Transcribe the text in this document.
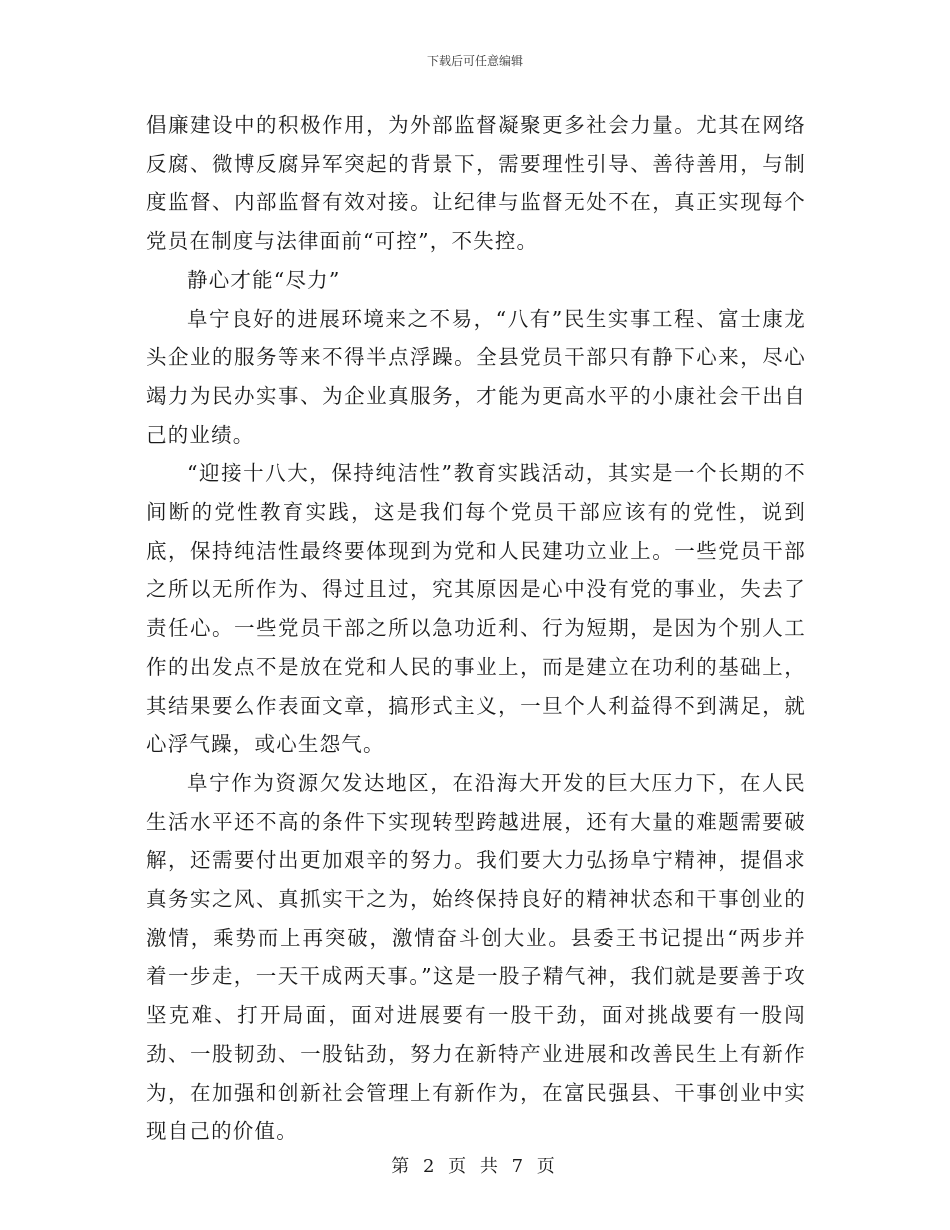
下载后可任意编辑

倡廉建设中的积极作用，为外部监督凝聚更多社会力量。尤其在网络反腐、微博反腐异军突起的背景下，需要理性引导、善待善用，与制度监督、内部监督有效对接。让纪律与监督无处不在，真正实现每个党员在制度与法律面前“可控”，不失控。

静心才能“尽力”

阜宁良好的进展环境来之不易，“八有”民生实事工程、富士康龙头企业的服务等来不得半点浮躁。全县党员干部只有静下心来，尽心竭力为民办实事、为企业真服务，才能为更高水平的小康社会干出自己的业绩。

“迎接十八大，保持纯洁性”教育实践活动，其实是一个长期的不间断的党性教育实践，这是我们每个党员干部应该有的党性，说到底，保持纯洁性最终要体现到为党和人民建功立业上。一些党员干部之所以无所作为、得过且过，究其原因是心中没有党的事业，失去了责任心。一些党员干部之所以急功近利、行为短期，是因为个别人工作的出发点不是放在党和人民的事业上，而是建立在功利的基础上，其结果要么作表面文章，搞形式主义，一旦个人利益得不到满足，就心浮气躁，或心生怨气。

阜宁作为资源欠发达地区，在沿海大开发的巨大压力下，在人民生活水平还不高的条件下实现转型跨越进展，还有大量的难题需要破解，还需要付出更加艰辛的努力。我们要大力弘扬阜宁精神，提倡求真务实之风、真抓实干之为，始终保持良好的精神状态和干事创业的激情，乘势而上再突破，激情奋斗创大业。县委王书记提出“两步并着一步走，一天干成两天事。”这是一股子精气神，我们就是要善于攻坚克难、打开局面，面对进展要有一股干劲，面对挑战要有一股闯劲、一股韧劲、一股钻劲，努力在新特产业进展和改善民生上有新作为，在加强和创新社会管理上有新作为，在富民强县、干事创业中实现自己的价值。

第 2 页 共 7 页
